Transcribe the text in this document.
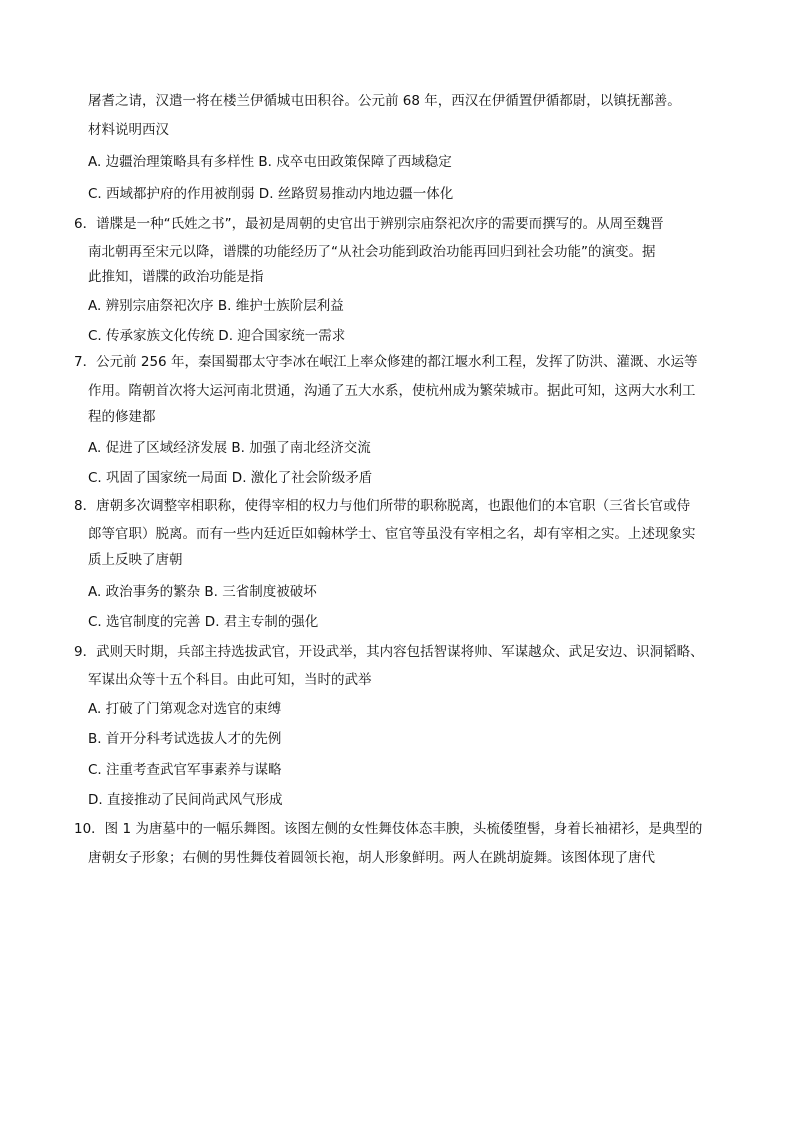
屠耆之请，汉遣一将在楼兰伊循城屯田积谷。公元前 68 年，西汉在伊循置伊循都尉，以镇抚鄯善。
材料说明西汉
A. 边疆治理策略具有多样性 B. 戍卒屯田政策保障了西域稳定
C. 西域都护府的作用被削弱 D. 丝路贸易推动内地边疆一体化
6．谱牒是一种“氏姓之书”，最初是周朝的史官出于辨别宗庙祭祀次序的需要而撰写的。从周至魏晋
南北朝再至宋元以降，谱牒的功能经历了“从社会功能到政治功能再回归到社会功能”的演变。据
此推知，谱牒的政治功能是指
A. 辨别宗庙祭祀次序 B. 维护士族阶层利益
C. 传承家族文化传统 D. 迎合国家统一需求
7．公元前 256 年，秦国蜀郡太守李冰在岷江上率众修建的都江堰水利工程，发挥了防洪、灌溉、水运等
作用。隋朝首次将大运河南北贯通，沟通了五大水系，使杭州成为繁荣城市。据此可知，这两大水利工
程的修建都
A. 促进了区域经济发展 B. 加强了南北经济交流
C. 巩固了国家统一局面 D. 激化了社会阶级矛盾
8．唐朝多次调整宰相职称，使得宰相的权力与他们所带的职称脱离，也跟他们的本官职（三省长官或侍
郎等官职）脱离。而有一些内廷近臣如翰林学士、宦官等虽没有宰相之名，却有宰相之实。上述现象实
质上反映了唐朝
A. 政治事务的繁杂 B. 三省制度被破坏
C. 选官制度的完善 D. 君主专制的强化
9．武则天时期，兵部主持选拔武官，开设武举，其内容包括智谋将帅、军谋越众、武足安边、识洞韬略、
军谋出众等十五个科目。由此可知，当时的武举
A. 打破了门第观念对选官的束缚
B. 首开分科考试选拔人才的先例
C. 注重考查武官军事素养与谋略
D. 直接推动了民间尚武风气形成
10．图 1 为唐墓中的一幅乐舞图。该图左侧的女性舞伎体态丰腴，头梳倭堕髻，身着长袖裙衫，是典型的
唐朝女子形象；右侧的男性舞伎着圆领长袍，胡人形象鲜明。两人在跳胡旋舞。该图体现了唐代
